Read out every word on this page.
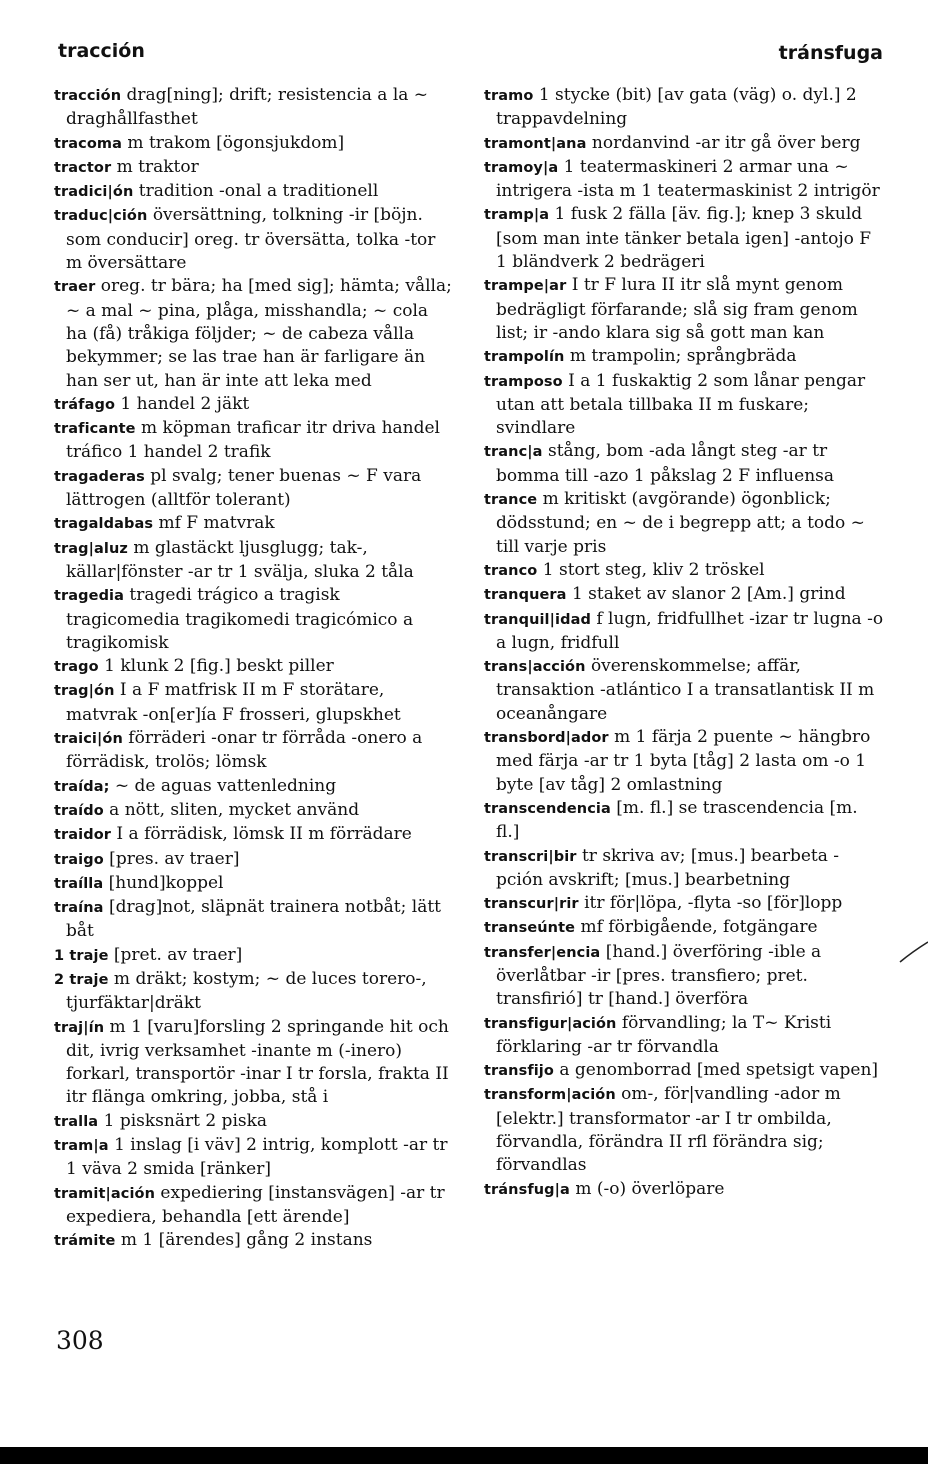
tracción	tránsfuga

tracción drag[ning]; drift; resistencia a la ~ draghållfasthet

tracoma m trakom [ögonsjukdom]

tractor m traktor

tradici|ón tradition -onal a traditionell

traduc|ción översättning, tolkning -ir [böjn. som conducir] oreg. tr översätta, tolka -tor m översättare

traer oreg. tr bära; ha [med sig]; hämta; vålla; ~ a mal ~ pina, plåga, misshandla; ~ cola ha (få) tråkiga följder; ~ de cabeza vålla bekymmer; se las trae han är farligare än han ser ut, han är inte att leka med

tráfago 1 handel 2 jäkt

traficante m köpman traficar itr driva handel tráfico 1 handel 2 trafik

tragaderas pl svalg; tener buenas ~ F vara lättrogen (alltför tolerant)

tragaldabas mf F matvrak

trag|aluz m glastäckt ljusglugg; tak-, källar|fönster -ar tr 1 svälja, sluka 2 tåla

tragedia tragedi trágico a tragisk tragicomedia tragikomedi tragicómico a tragikomisk

trago 1 klunk 2 [fig.] beskt piller

trag|ón I a F matfrisk II m F storätare, matvrak -on[er]ía F frosseri, glupskhet

traici|ón förräderi -onar tr förråda -onero a förrädisk, trolös; lömsk

traída; ~ de aguas vattenledning

traído a nött, sliten, mycket använd

traidor I a förrädisk, lömsk II m förrädare

traigo [pres. av traer]

traílla [hund]koppel

traína [drag]not, släpnät trainera notbåt; lätt båt

1 traje [pret. av traer]

2 traje m dräkt; kostym; ~ de luces torero-, tjurfäktar|dräkt

traj|ín m 1 [varu]forsling 2 springande hit och dit, ivrig verksamhet -inante m (-inero) forkarl, transportör -inar I tr forsla, frakta II itr flänga omkring, jobba, stå i

tralla 1 pisksnärt 2 piska

tram|a 1 inslag [i väv] 2 intrig, komplott -ar tr 1 väva 2 smida [ränker]

tramit|ación expediering [instansvägen] -ar tr expediera, behandla [ett ärende]

trámite m 1 [ärendes] gång 2 instans

tramo 1 stycke (bit) [av gata (väg) o. dyl.] 2 trappavdelning

tramont|ana nordanvind -ar itr gå över berg

tramoy|a 1 teatermaskineri 2 armar una ~ intrigera -ista m 1 teatermaskinist 2 intrigör

tramp|a 1 fusk 2 fälla [äv. fig.]; knep 3 skuld [som man inte tänker betala igen] -antojo F 1 bländverk 2 bedrägeri

trampe|ar I tr F lura II itr slå mynt genom bedrägligt förfarande; slå sig fram genom list; ir -ando klara sig så gott man kan

trampolín m trampolin; språngbräda

tramposo I a 1 fuskaktig 2 som lånar pengar utan att betala tillbaka II m fuskare; svindlare

tranc|a stång, bom -ada långt steg -ar tr bomma till -azo 1 påkslag 2 F influensa

trance m kritiskt (avgörande) ögonblick; dödsstund; en ~ de i begrepp att; a todo ~ till varje pris

tranco 1 stort steg, kliv 2 tröskel

tranquera 1 staket av slanor 2 [Am.] grind

tranquil|idad f lugn, fridfullhet -izar tr lugna -o a lugn, fridfull

trans|acción överenskommelse; affär, transaktion -atlántico I a transatlantisk II m oceanångare

transbord|ador m 1 färja 2 puente ~ hängbro med färja -ar tr 1 byta [tåg] 2 lasta om -o 1 byte [av tåg] 2 omlastning

transcendencia [m. fl.] se trascendencia [m. fl.]

transcri|bir tr skriva av; [mus.] bearbeta -pción avskrift; [mus.] bearbetning

transcur|rir itr för|löpa, -flyta -so [för]lopp

transeúnte mf förbigående, fotgängare

transfer|encia [hand.] överföring -ible a överlåtbar -ir [pres. transfiero; pret. transfirió] tr [hand.] överföra

transfigur|ación förvandling; la T~ Kristi förklaring -ar tr förvandla

transfijo a genomborrad [med spetsigt vapen]

transform|ación om-, för|vandling -ador m [elektr.] transformator -ar I tr ombilda, förvandla, förändra II rfl förändra sig; förvandlas

tránsfug|a m (-o) överlöpare

308
